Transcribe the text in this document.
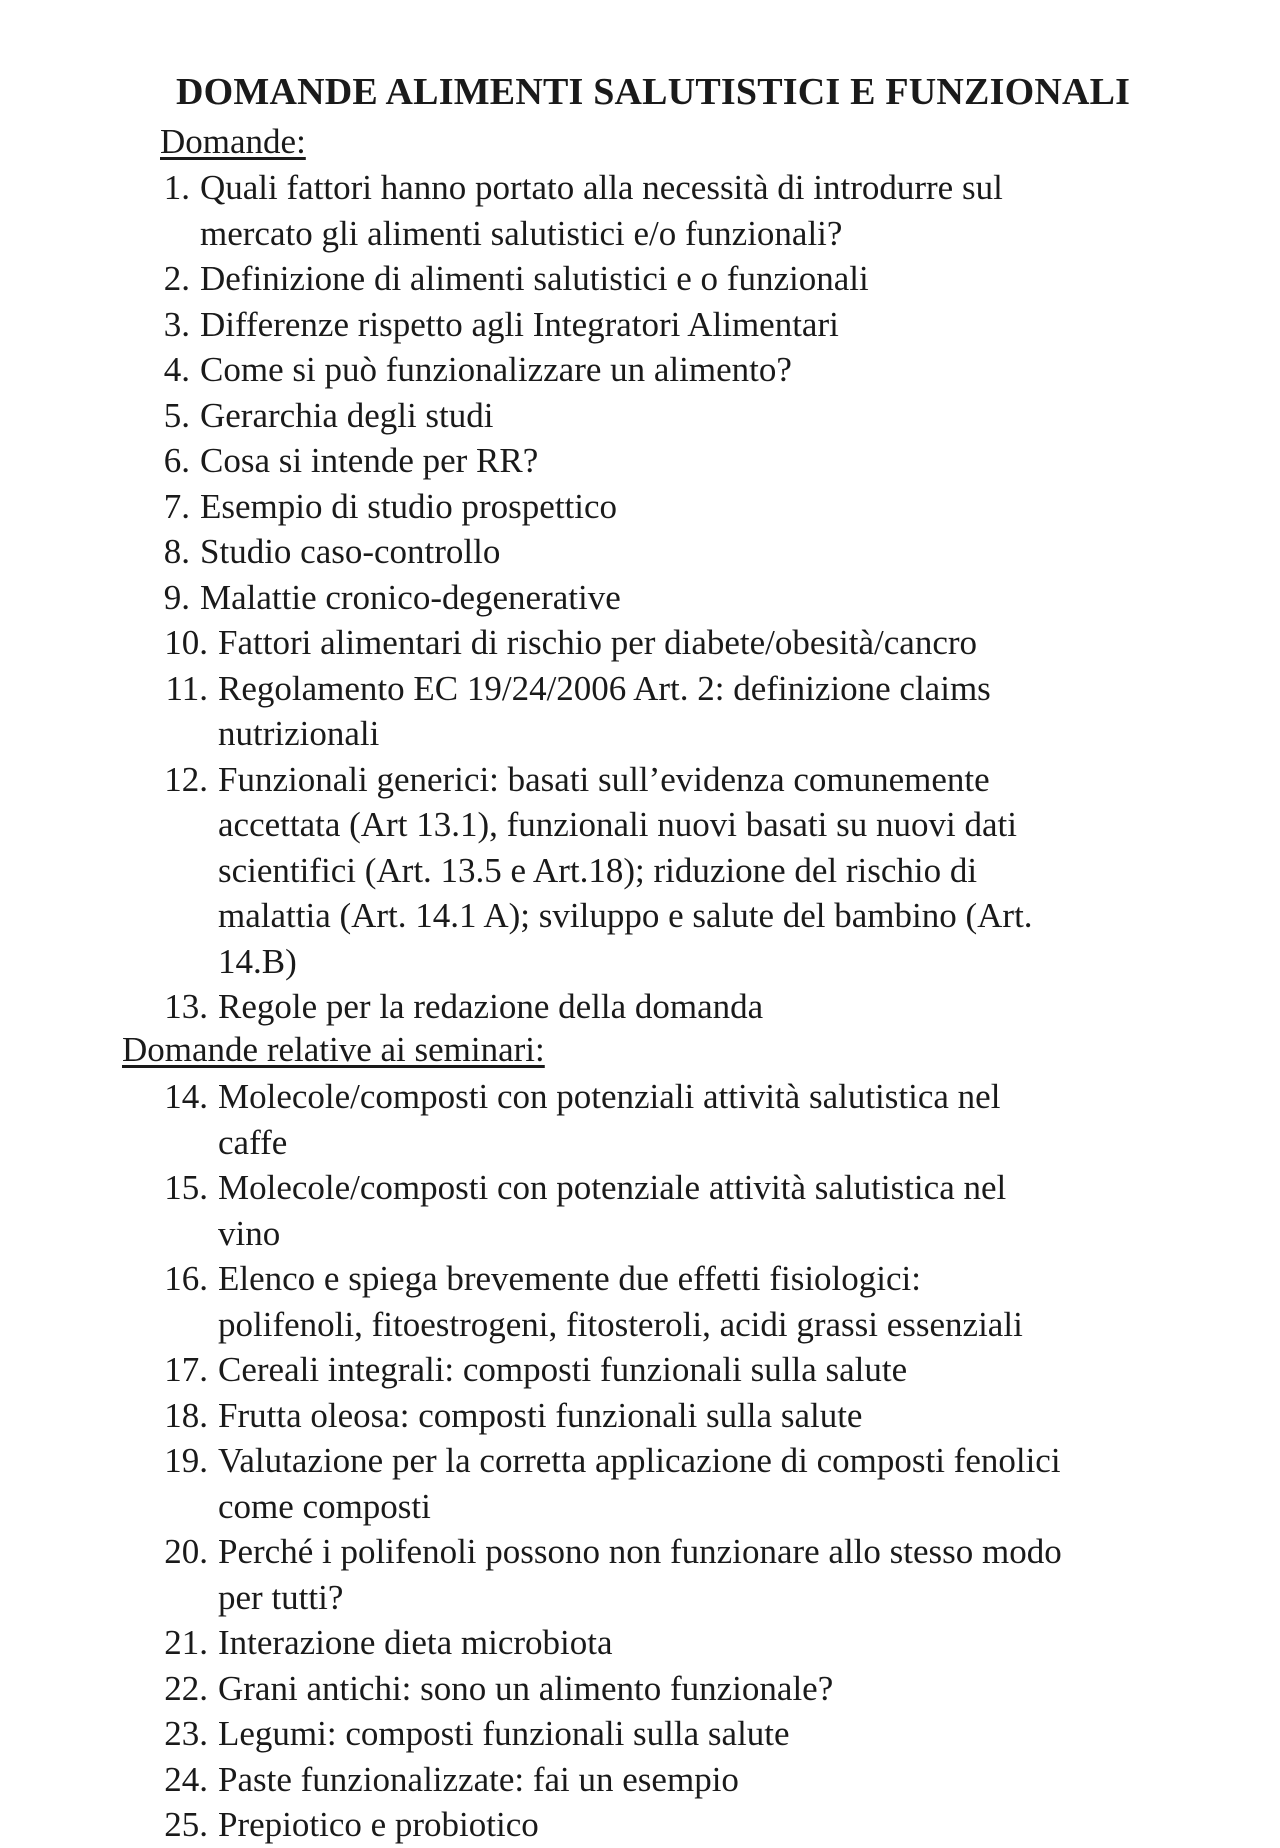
DOMANDE ALIMENTI SALUTISTICI E FUNZIONALI
Domande:
1. Quali fattori hanno portato alla necessità di introdurre sul
mercato gli alimenti salutistici e/o funzionali?
2. Definizione di alimenti salutistici e o funzionali
3. Differenze rispetto agli Integratori Alimentari
4. Come si può funzionalizzare un alimento?
5. Gerarchia degli studi
6. Cosa si intende per RR?
7. Esempio di studio prospettico
8. Studio caso-controllo
9. Malattie cronico-degenerative
10. Fattori alimentari di rischio per diabete/obesità/cancro
11. Regolamento EC 19/24/2006 Art. 2: definizione claims
nutrizionali
12. Funzionali generici: basati sull’evidenza comunemente
accettata (Art 13.1), funzionali nuovi basati su nuovi dati
scientifici (Art. 13.5 e Art.18); riduzione del rischio di
malattia (Art. 14.1 A); sviluppo e salute del bambino (Art.
14.B)
13. Regole per la redazione della domanda
Domande relative ai seminari:
14. Molecole/composti con potenziali attività salutistica nel
caffe
15. Molecole/composti con potenziale attività salutistica nel
vino
16. Elenco e spiega brevemente due effetti fisiologici:
polifenoli, fitoestrogeni, fitosteroli, acidi grassi essenziali
17. Cereali integrali: composti funzionali sulla salute
18. Frutta oleosa: composti funzionali sulla salute
19. Valutazione per la corretta applicazione di composti fenolici
come composti
20. Perché i polifenoli possono non funzionare allo stesso modo
per tutti?
21. Interazione dieta microbiota
22. Grani antichi: sono un alimento funzionale?
23. Legumi: composti funzionali sulla salute
24. Paste funzionalizzate: fai un esempio
25. Prepiotico e probiotico
